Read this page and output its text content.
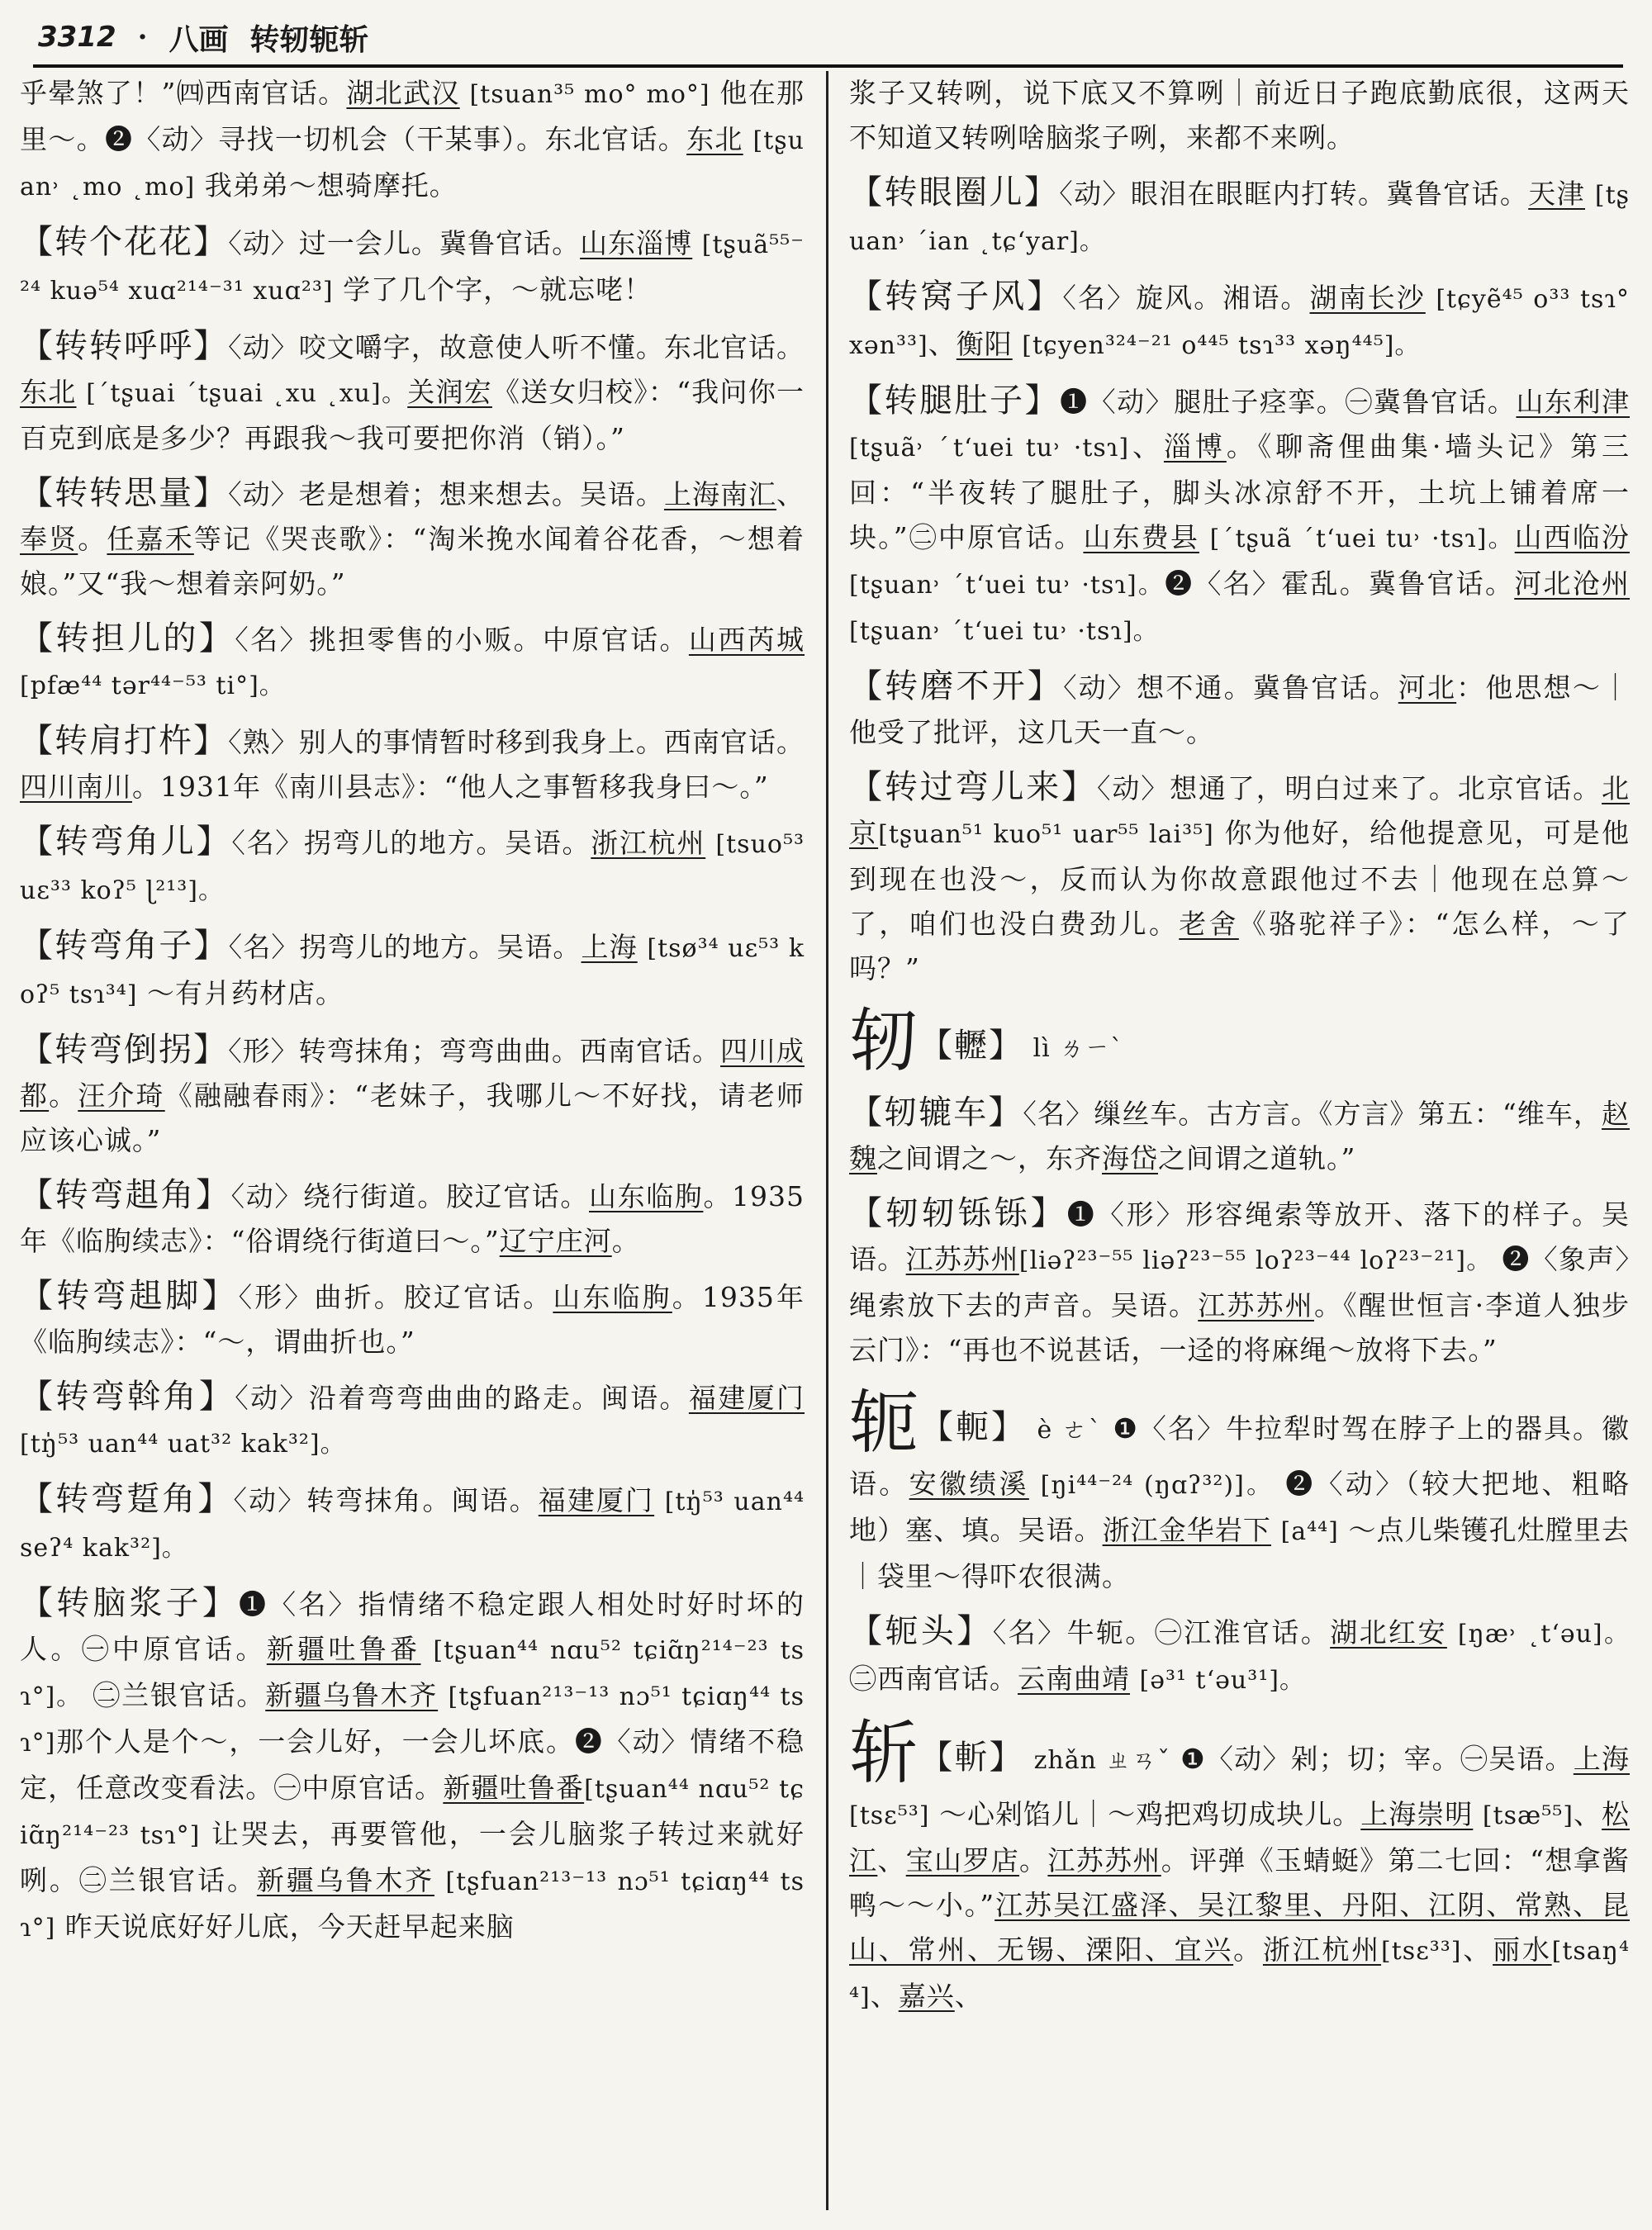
3312 · 八画 转轫轭斩
乎晕煞了！”㈣西南官话。湖北武汉 [tsuan³⁵ mo° mo°] 他在那里～。❷〈动〉寻找一切机会（干某事）。东北官话。东北 [tʂuan˒ ˛mo ˛mo] 我弟弟～想骑摩托。
【转个花花】〈动〉过一会儿。冀鲁官话。山东淄博 [tʂuã⁵⁵⁻²⁴ kuə⁵⁴ xuɑ²¹⁴⁻³¹ xuɑ²³] 学了几个字，～就忘咾！
【转转呼呼】〈动〉咬文嚼字，故意使人听不懂。东北官话。东北 [ˊtʂuai ˊtʂuai ˛xu ˛xu]。关润宏《送女归校》：“我问你一百克到底是多少？再跟我～我可要把你消（销）。”
【转转思量】〈动〉老是想着；想来想去。吴语。上海南汇、奉贤。任嘉禾等记《哭丧歌》：“淘米挽水闻着谷花香，～想着娘。”又“我～想着亲阿奶。”
【转担儿的】〈名〉挑担零售的小贩。中原官话。山西芮城 [pfæ⁴⁴ tər⁴⁴⁻⁵³ ti°]。
【转肩打杵】〈熟〉别人的事情暂时移到我身上。西南官话。四川南川。1931年《南川县志》：“他人之事暂移我身曰～。”
【转弯角儿】〈名〉拐弯儿的地方。吴语。浙江杭州 [tsuo⁵³ uɛ³³ koʔ⁵ ɭ²¹³]。
【转弯角子】〈名〉拐弯儿的地方。吴语。上海 [tsø³⁴ uɛ⁵³ koʔ⁵ tsɿ³⁴] ～有爿药材店。
【转弯倒拐】〈形〉转弯抹角；弯弯曲曲。西南官话。四川成都。汪介琦《融融春雨》：“老妹子，我哪儿～不好找，请老师应该心诚。”
【转弯趄角】〈动〉绕行街道。胶辽官话。山东临朐。1935年《临朐续志》：“俗谓绕行街道曰～。”辽宁庄河。
【转弯趄脚】〈形〉曲折。胶辽官话。山东临朐。1935年《临朐续志》：“～，谓曲折也。”
【转弯斡角】〈动〉沿着弯弯曲曲的路走。闽语。福建厦门 [tŋ̍⁵³ uan⁴⁴ uat³² kak³²]。
【转弯踅角】〈动〉转弯抹角。闽语。福建厦门 [tŋ̍⁵³ uan⁴⁴ seʔ⁴ kak³²]。
【转脑浆子】❶〈名〉指情绪不稳定跟人相处时好时坏的人。㊀中原官话。新疆吐鲁番 [tʂuan⁴⁴ nɑu⁵² tɕiɑ̃ŋ²¹⁴⁻²³ tsɿ°]。 ㊁兰银官话。新疆乌鲁木齐 [tʂfuan²¹³⁻¹³ nɔ⁵¹ tɕiɑŋ⁴⁴ tsɿ°]那个人是个～，一会儿好，一会儿坏底。❷〈动〉情绪不稳定，任意改变看法。㊀中原官话。新疆吐鲁番[tʂuan⁴⁴ nɑu⁵² tɕiɑ̃ŋ²¹⁴⁻²³ tsɿ°] 让哭去，再要管他，一会儿脑浆子转过来就好咧。㊁兰银官话。新疆乌鲁木齐 [tʂfuan²¹³⁻¹³ nɔ⁵¹ tɕiɑŋ⁴⁴ tsɿ°] 昨天说底好好儿底，今天赶早起来脑
浆子又转咧，说下底又不算咧｜前近日子跑底勤底很，这两天不知道又转咧啥脑浆子咧，来都不来咧。
【转眼圈儿】〈动〉眼泪在眼眶内打转。冀鲁官话。天津 [tʂuan˒ ˊian ˛tɕ‘yar]。
【转窝子风】〈名〉旋风。湘语。湖南长沙 [tɕyẽ⁴⁵ o³³ tsɿ° xən³³]、衡阳 [tɕyen³²⁴⁻²¹ o⁴⁴⁵ tsɿ³³ xəŋ⁴⁴⁵]。
【转腿肚子】❶〈动〉腿肚子痉挛。㊀冀鲁官话。山东利津 [tʂuã˒ ˊt‘uei tu˒ ·tsɿ]、淄博。《聊斋俚曲集·墙头记》第三回：“半夜转了腿肚子，脚头冰凉舒不开，土坑上铺着席一块。”㊁中原官话。山东费县 [ˊtʂuã ˊt‘uei tu˒ ·tsɿ]。山西临汾 [tʂuan˒ ˊt‘uei tu˒ ·tsɿ]。❷〈名〉霍乱。冀鲁官话。河北沧州 [tʂuan˒ ˊt‘uei tu˒ ·tsɿ]。
【转磨不开】〈动〉想不通。冀鲁官话。河北：他思想～｜他受了批评，这几天一直～。
【转过弯儿来】〈动〉想通了，明白过来了。北京官话。北京[tʂuan⁵¹ kuo⁵¹ uar⁵⁵ lai³⁵] 你为他好，给他提意见，可是他到现在也没～，反而认为你故意跟他过不去｜他现在总算～了，咱们也没白费劲儿。老舍《骆驼祥子》：“怎么样，～了吗？”
轫【轣】 lì ㄌㄧˋ
【轫辘车】〈名〉缫丝车。古方言。《方言》第五：“维车，赵魏之间谓之～，东齐海岱之间谓之道轨。”
【轫轫铄铄】❶〈形〉形容绳索等放开、落下的样子。吴语。江苏苏州[liəʔ²³⁻⁵⁵ liəʔ²³⁻⁵⁵ loʔ²³⁻⁴⁴ loʔ²³⁻²¹]。 ❷〈象声〉绳索放下去的声音。吴语。江苏苏州。《醒世恒言·李道人独步云门》：“再也不说甚话，一迳的将麻绳～放将下去。”
轭【軛】 è ㄜˋ ❶〈名〉牛拉犁时驾在脖子上的器具。徽语。安徽绩溪 [ŋi⁴⁴⁻²⁴ (ŋɑʔ³²)]。 ❷〈动〉（较大把地、粗略地）塞、填。吴语。浙江金华岩下 [a⁴⁴] ～点儿柴镬孔灶膛里去｜袋里～得吓农很满。
【轭头】〈名〉牛轭。㊀江淮官话。湖北红安 [ŋæ˒ ˛t‘əu]。㊁西南官话。云南曲靖 [ə³¹ t‘əu³¹]。
斩【斬】 zhǎn ㄓㄢˇ ❶〈动〉剁；切；宰。㊀吴语。上海 [tsɛ⁵³] ～心剁馅儿｜～鸡把鸡切成块儿。上海崇明 [tsæ⁵⁵]、松江、宝山罗店。江苏苏州。评弹《玉蜻蜓》第二七回：“想拿酱鸭～～小。”江苏吴江盛泽、吴江黎里、丹阳、江阴、常熟、昆山、常州、无锡、溧阳、宜兴。浙江杭州[tsɛ³³]、丽水[tsaŋ⁴⁴]、嘉兴、
